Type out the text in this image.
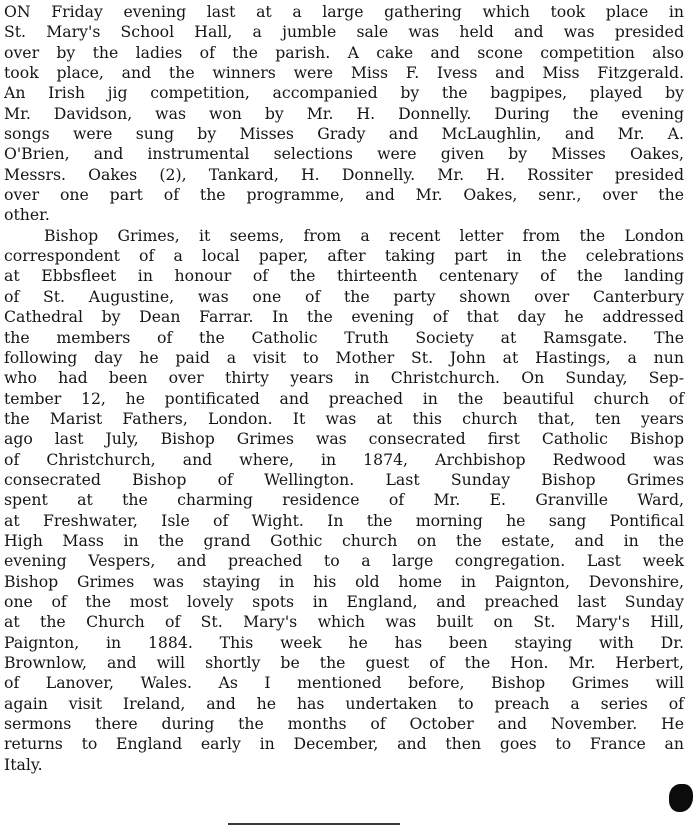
ON Friday evening last at a large gathering which took place in
St. Mary's School Hall, a jumble sale was held and was presided
over by the ladies of the parish. A cake and scone competition also
took place, and the winners were Miss F. Ivess and Miss Fitzgerald.
An Irish jig competition, accompanied by the bagpipes, played by
Mr. Davidson, was won by Mr. H. Donnelly. During the evening
songs were sung by Misses Grady and McLaughlin, and Mr. A.
O'Brien, and instrumental selections were given by Misses Oakes,
Messrs. Oakes (2), Tankard, H. Donnelly. Mr. H. Rossiter presided
over one part of the programme, and Mr. Oakes, senr., over the
other.
Bishop Grimes, it seems, from a recent letter from the London
correspondent of a local paper, after taking part in the celebrations
at Ebbsfleet in honour of the thirteenth centenary of the landing
of St. Augustine, was one of the party shown over Canterbury
Cathedral by Dean Farrar. In the evening of that day he addressed
the members of the Catholic Truth Society at Ramsgate. The
following day he paid a visit to Mother St. John at Hastings, a nun
who had been over thirty years in Christchurch. On Sunday, Sep-
tember 12, he pontificated and preached in the beautiful church of
the Marist Fathers, London. It was at this church that, ten years
ago last July, Bishop Grimes was consecrated first Catholic Bishop
of Christchurch, and where, in 1874, Archbishop Redwood was
consecrated Bishop of Wellington. Last Sunday Bishop Grimes
spent at the charming residence of Mr. E. Granville Ward,
at Freshwater, Isle of Wight. In the morning he sang Pontifical
High Mass in the grand Gothic church on the estate, and in the
evening Vespers, and preached to a large congregation. Last week
Bishop Grimes was staying in his old home in Paignton, Devonshire,
one of the most lovely spots in England, and preached last Sunday
at the Church of St. Mary's which was built on St. Mary's Hill,
Paignton, in 1884. This week he has been staying with Dr.
Brownlow, and will shortly be the guest of the Hon. Mr. Herbert,
of Lanover, Wales. As I mentioned before, Bishop Grimes will
again visit Ireland, and he has undertaken to preach a series of
sermons there during the months of October and November. He
returns to England early in December, and then goes to France an
Italy.
